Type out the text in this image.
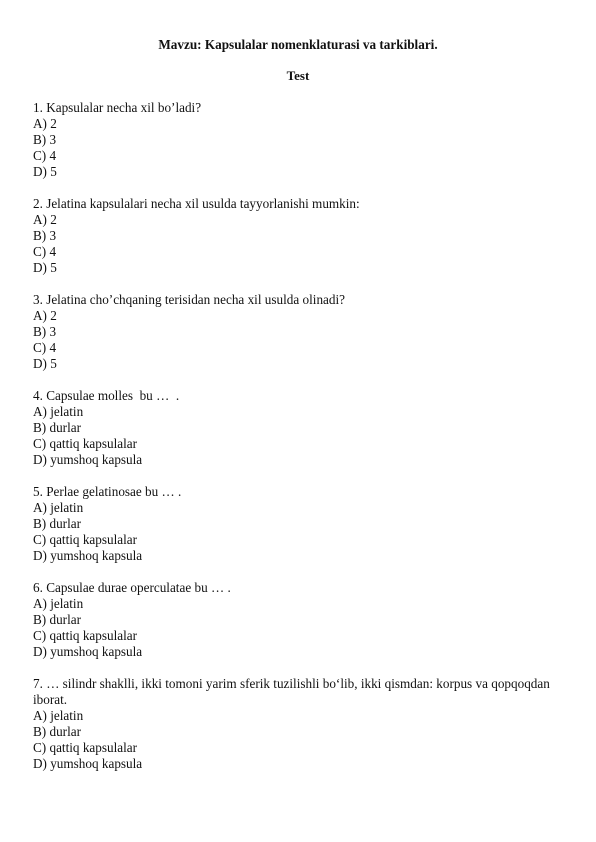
Mavzu: Kapsulalar nomenklaturasi va tarkiblari.
Test
1. Kapsulalar necha xil bo’ladi?
A) 2
B) 3
C) 4
D) 5
2. Jelatina kapsulalari necha xil usulda tayyorlanishi mumkin:
A) 2
B) 3
C) 4
D) 5
3. Jelatina cho’chqaning terisidan necha xil usulda olinadi?
A) 2
B) 3
C) 4
D) 5
4. Capsulae molles  bu …  .
A) jelatin
B) durlar
C) qattiq kapsulalar
D) yumshoq kapsula
5. Perlae gelatinosae bu … .
A) jelatin
B) durlar
C) qattiq kapsulalar
D) yumshoq kapsula
6. Capsulae durae operculatae bu … .
A) jelatin
B) durlar
C) qattiq kapsulalar
D) yumshoq kapsula
7. … silindr shaklli, ikki tomoni yarim sferik tuzilishli bo‘lib, ikki qismdan: korpus va qopqoqdan iborat.
A) jelatin
B) durlar
C) qattiq kapsulalar
D) yumshoq kapsula
